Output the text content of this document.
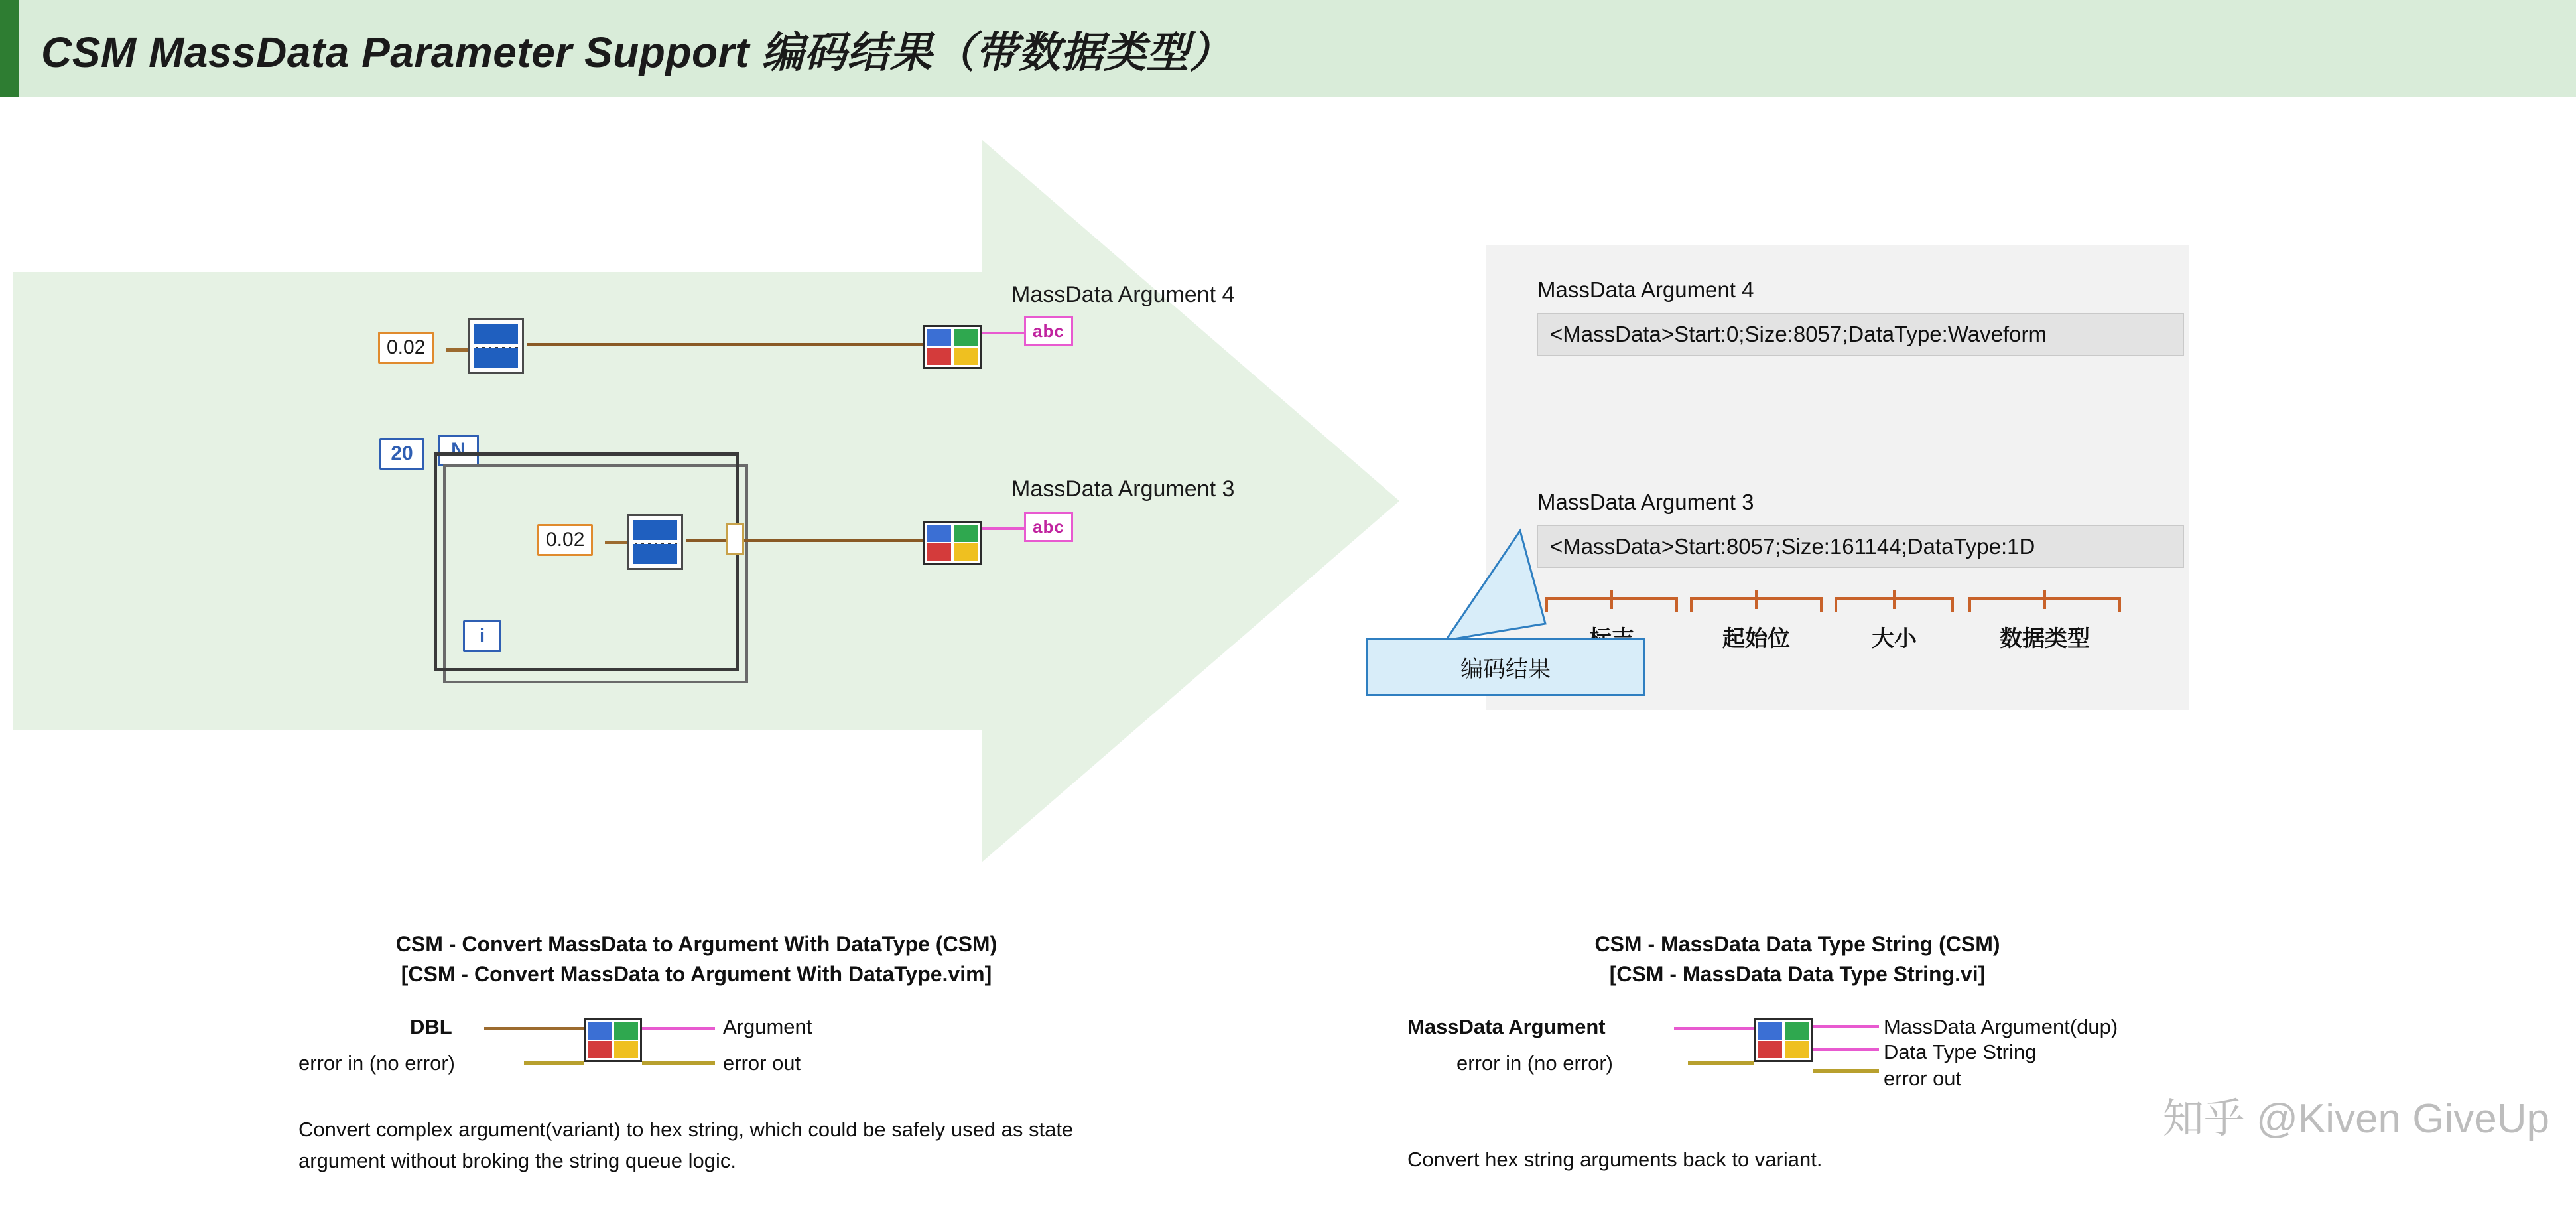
CSM MassData Parameter Support 编码结果（带数据类型）
0.02
abc
MassData Argument 4
20	N
i
0.02
abc
MassData Argument 3
MassData Argument 4
<MassData>Start:0;Size:8057;DataType:Waveform
MassData Argument 3
<MassData>Start:8057;Size:161144;DataType:1D
起始位	大小	数据类型
编码结果
CSM - Convert MassData to Argument With DataType (CSM)
[CSM - Convert MassData to Argument With DataType.vim]
DBL
error in (no error)
Argument
error out
Convert complex argument(variant) to hex string, which could be safely used as state argument without broking the string queue logic.
CSM - MassData Data Type String (CSM)
[CSM - MassData Data Type String.vi]
MassData Argument
error in (no error)
MassData Argument(dup)
Data Type String
error out
Convert hex string arguments back to variant.
知乎 @Kiven GiveUp
